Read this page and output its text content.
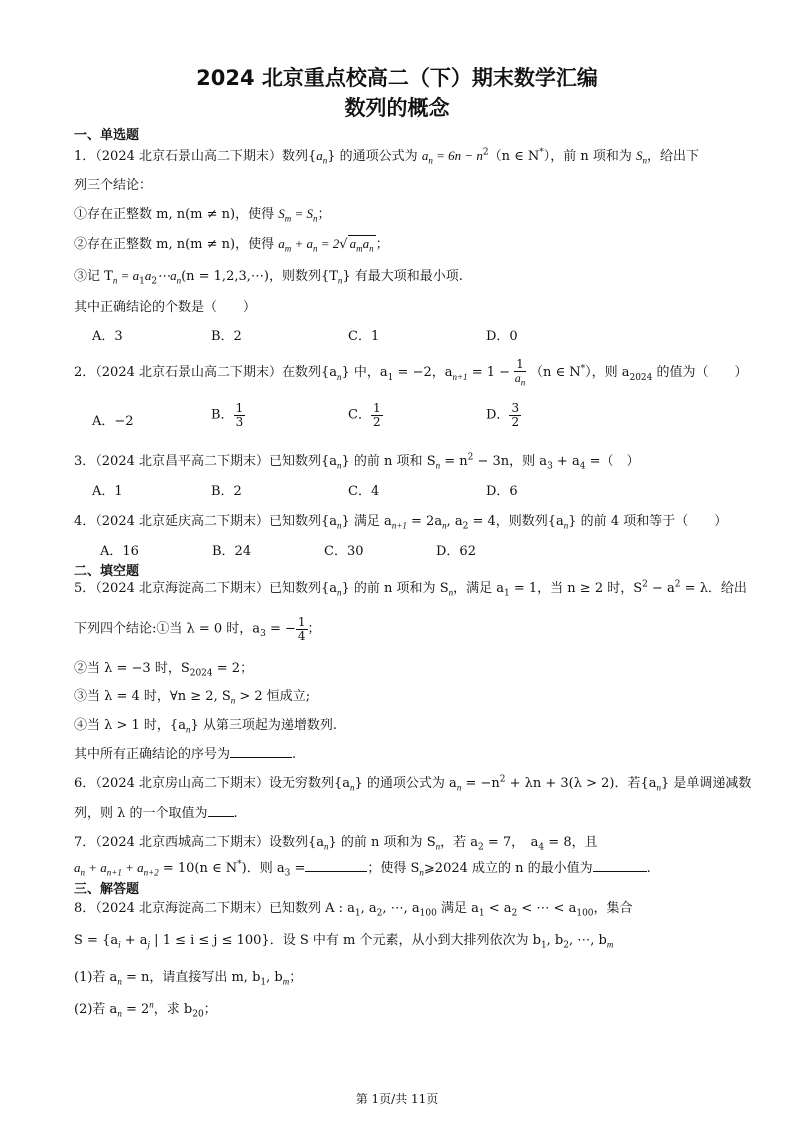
2024 北京重点校高二（下）期末数学汇编
数列的概念
一、单选题
1．（2024 北京石景山高二下期末）数列$\{a_n\}$ 的通项公式为 $a_n = 6n - n^2(n$ ∈ N*），前 n 项和为 $S_n$，给出下
列三个结论：
①存在正整数 m, n(m ≠ n)，使得 $S_m = S_n$；
②存在正整数 m, n(m ≠ n)，使得 $a_m + a_n = 2√$ $a_ma_n$ ；
③记 $T_n$ = $a_1a_2\cdots a_n(n$ = 1,2,3,⋯)，则数列$\{T_n\}$ 有最大项和最小项.
其中正确结论的个数是（　　）
A．3	B．2	C．1	D．0
2．（2024 北京石景山高二下期末）在数列$\{a_n\}$ 中，$a_1 = -2$，$a_{n+1} = 1 - \frac{1}{a_n} (n$ ∈ N*），则 $a_{2024}$ 的值为（　　）
A．−2	B． $\frac{1}{3}$	C． $\frac{1}{2}$	D． $\frac{3}{2}$
3．（2024 北京昌平高二下期末）已知数列$\{a_n\}$ 的前 n 项和 $S_n = n^2 - 3n$，则 $a_3 + a_4$ =（　）
A．1	B．2	C．4	D．6
4．（2024 北京延庆高二下期末）已知数列$\{a_n\}$ 满足 $a_{n+1} = 2a_n$, $a_2 = 4$，则数列$\{a_n\}$ 的前 4 项和等于（　　）
A．16	B．24	C．30	D．62
二、填空题
5．（2024 北京海淀高二下期末）已知数列$\{a_n\}$ 的前 n 项和为 $S_n$，满足 $a_1 = 1$，当 n ≥ 2 时，$S^2 - a^2 = \lambda$．给出
下列四个结论:①当 λ = 0 时，$a_3$ = − $\frac{1}{4}$ ；
②当 λ = −3 时，$S_{2024} = 2$；
③当 λ = 4 时，∀n ≥ 2, $S_n > 2$ 恒成立;
④当 λ > 1 时，$\{a_n\}$ 从第三项起为递增数列.
其中所有正确结论的序号为	.
6．（2024 北京房山高二下期末）设无穷数列$\{a_n\}$ 的通项公式为 $a_n = -n^2 + \lambda n + 3(\lambda > 2)$．若$\{a_n\}$ 是单调递减数
列，则 λ 的一个取值为 .
7．（2024 北京西城高二下期末）设数列$\{a_n\}$ 的前 n 项和为 $S_n$，若 $a_2 = 7$，　$a_4 = 8$，且
$a_n + a_{n+1} + a_{n+2} = 10(n$ ∈ N*)．则 $a_3$ =	；使得 $S_n⩾2024$ 成立的 n 的最小值为	.
三、解答题
8．（2024 北京海淀高二下期末）已知数列 A : $a_1$, $a_2$, ⋯, $a_{100}$ 满足 $a_1 < a_2$ < ⋯ < $a_{100}$，集合
$S = \{a_i + a_j$ | 1 ≤ i ≤ j ≤ 100}．设 S 中有 m 个元素，从小到大排列依次为 $b_1$, $b_2$, ⋯, $b_m$
(1)若 $a_n = n$，请直接写出 m, $b_1$, $b_m$；
(2)若 $a_n = 2^n$，求 $b_{20}$；
第 1页/共 11页
